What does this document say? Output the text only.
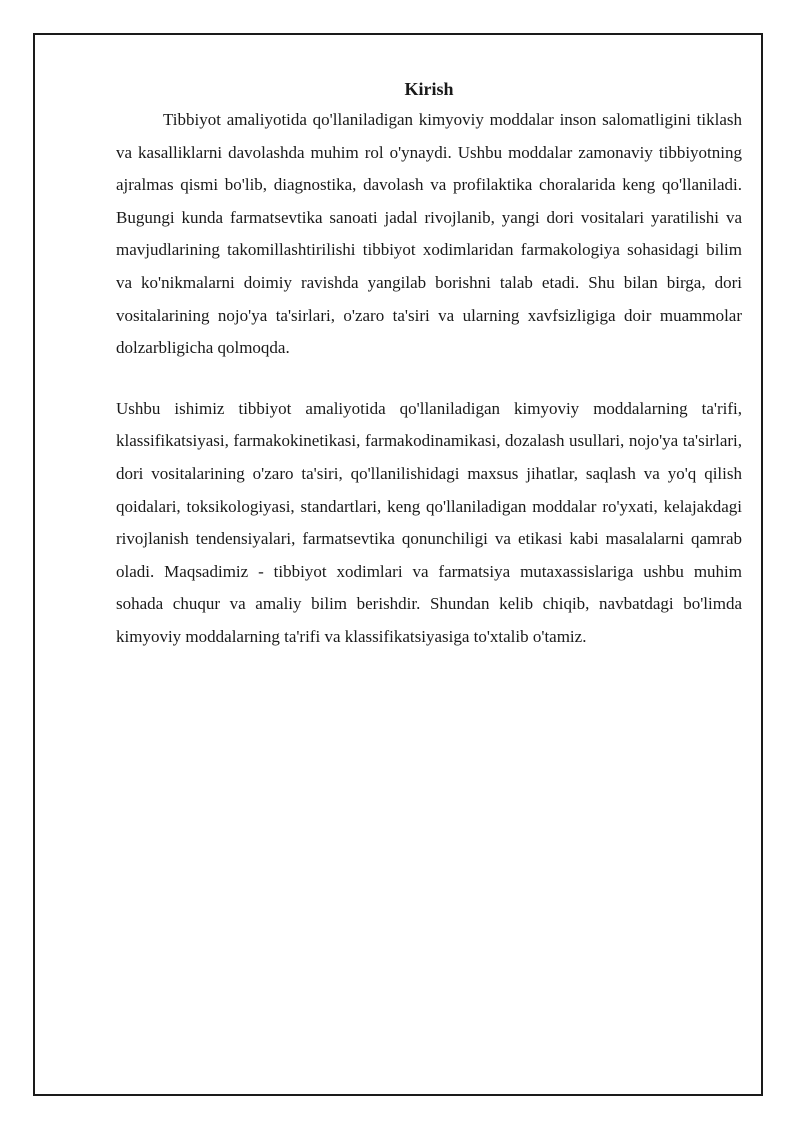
Kirish

Tibbiyot amaliyotida qo'llaniladigan kimyoviy moddalar inson salomatligini tiklash va kasalliklarni davolashda muhim rol o'ynaydi. Ushbu moddalar zamonaviy tibbiyotning ajralmas qismi bo'lib, diagnostika, davolash va profilaktika choralarida keng qo'llaniladi. Bugungi kunda farmatsevtika sanoati jadal rivojlanib, yangi dori vositalari yaratilishi va mavjudlarining takomillashtirilishi tibbiyot xodimlaridan farmakologiya sohasidagi bilim va ko'nikmalarni doimiy ravishda yangilab borishni talab etadi. Shu bilan birga, dori vositalarining nojo'ya ta'sirlari, o'zaro ta'siri va ularning xavfsizligiga doir muammolar dolzarbligicha qolmoqda.

Ushbu ishimiz tibbiyot amaliyotida qo'llaniladigan kimyoviy moddalarning ta'rifi, klassifikatsiyasi, farmakokinetikasi, farmakodinamikasi, dozalash usullari, nojo'ya ta'sirlari, dori vositalarining o'zaro ta'siri, qo'llanilishidagi maxsus jihatlar, saqlash va yo'q qilish qoidalari, toksikologiyasi, standartlari, keng qo'llaniladigan moddalar ro'yxati, kelajakdagi rivojlanish tendensiyalari, farmatsevtika qonunchiligi va etikasi kabi masalalarni qamrab oladi. Maqsadimiz - tibbiyot xodimlari va farmatsiya mutaxassislariga ushbu muhim sohada chuqur va amaliy bilim berishdir. Shundan kelib chiqib, navbatdagi bo'limda kimyoviy moddalarning ta'rifi va klassifikatsiyasiga to'xtalib o'tamiz.
